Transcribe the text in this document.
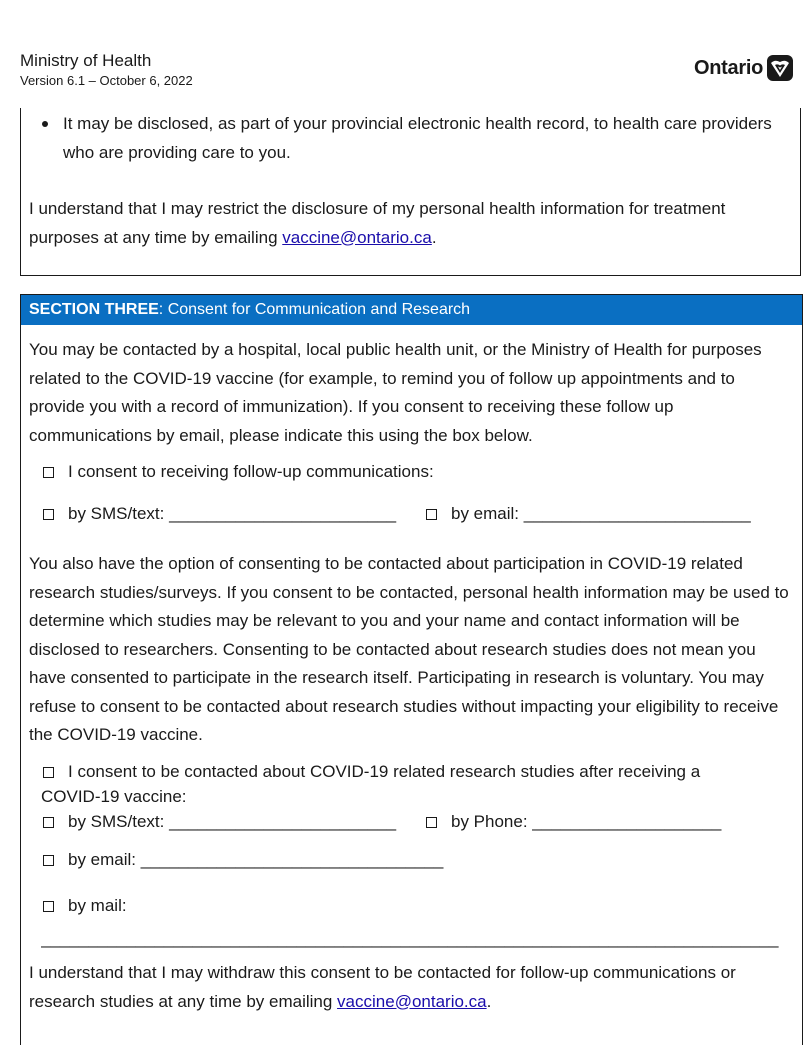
Ministry of Health
Version 6.1 – October 6, 2022
Ontario
It may be disclosed, as part of your provincial electronic health record, to health care providers who are providing care to you.
I understand that I may restrict the disclosure of my personal health information for treatment purposes at any time by emailing vaccine@ontario.ca.
SECTION THREE: Consent for Communication and Research
You may be contacted by a hospital, local public health unit, or the Ministry of Health for purposes related to the COVID-19 vaccine (for example, to remind you of follow up appointments and to provide you with a record of immunization). If you consent to receiving these follow up communications by email, please indicate this using the box below.
I consent to receiving follow-up communications:
by SMS/text: ________________________	by email: ________________________
You also have the option of consenting to be contacted about participation in COVID-19 related research studies/surveys. If you consent to be contacted, personal health information may be used to determine which studies may be relevant to you and your name and contact information will be disclosed to researchers. Consenting to be contacted about research studies does not mean you have consented to participate in the research itself. Participating in research is voluntary. You may refuse to consent to be contacted about research studies without impacting your eligibility to receive the COVID-19 vaccine.
I consent to be contacted about COVID-19 related research studies after receiving a
COVID-19 vaccine:
by SMS/text: ________________________	by Phone: ____________________
by email: ________________________________
by mail:
______________________________________________________________________________
I understand that I may withdraw this consent to be contacted for follow-up communications or research studies at any time by emailing vaccine@ontario.ca.
